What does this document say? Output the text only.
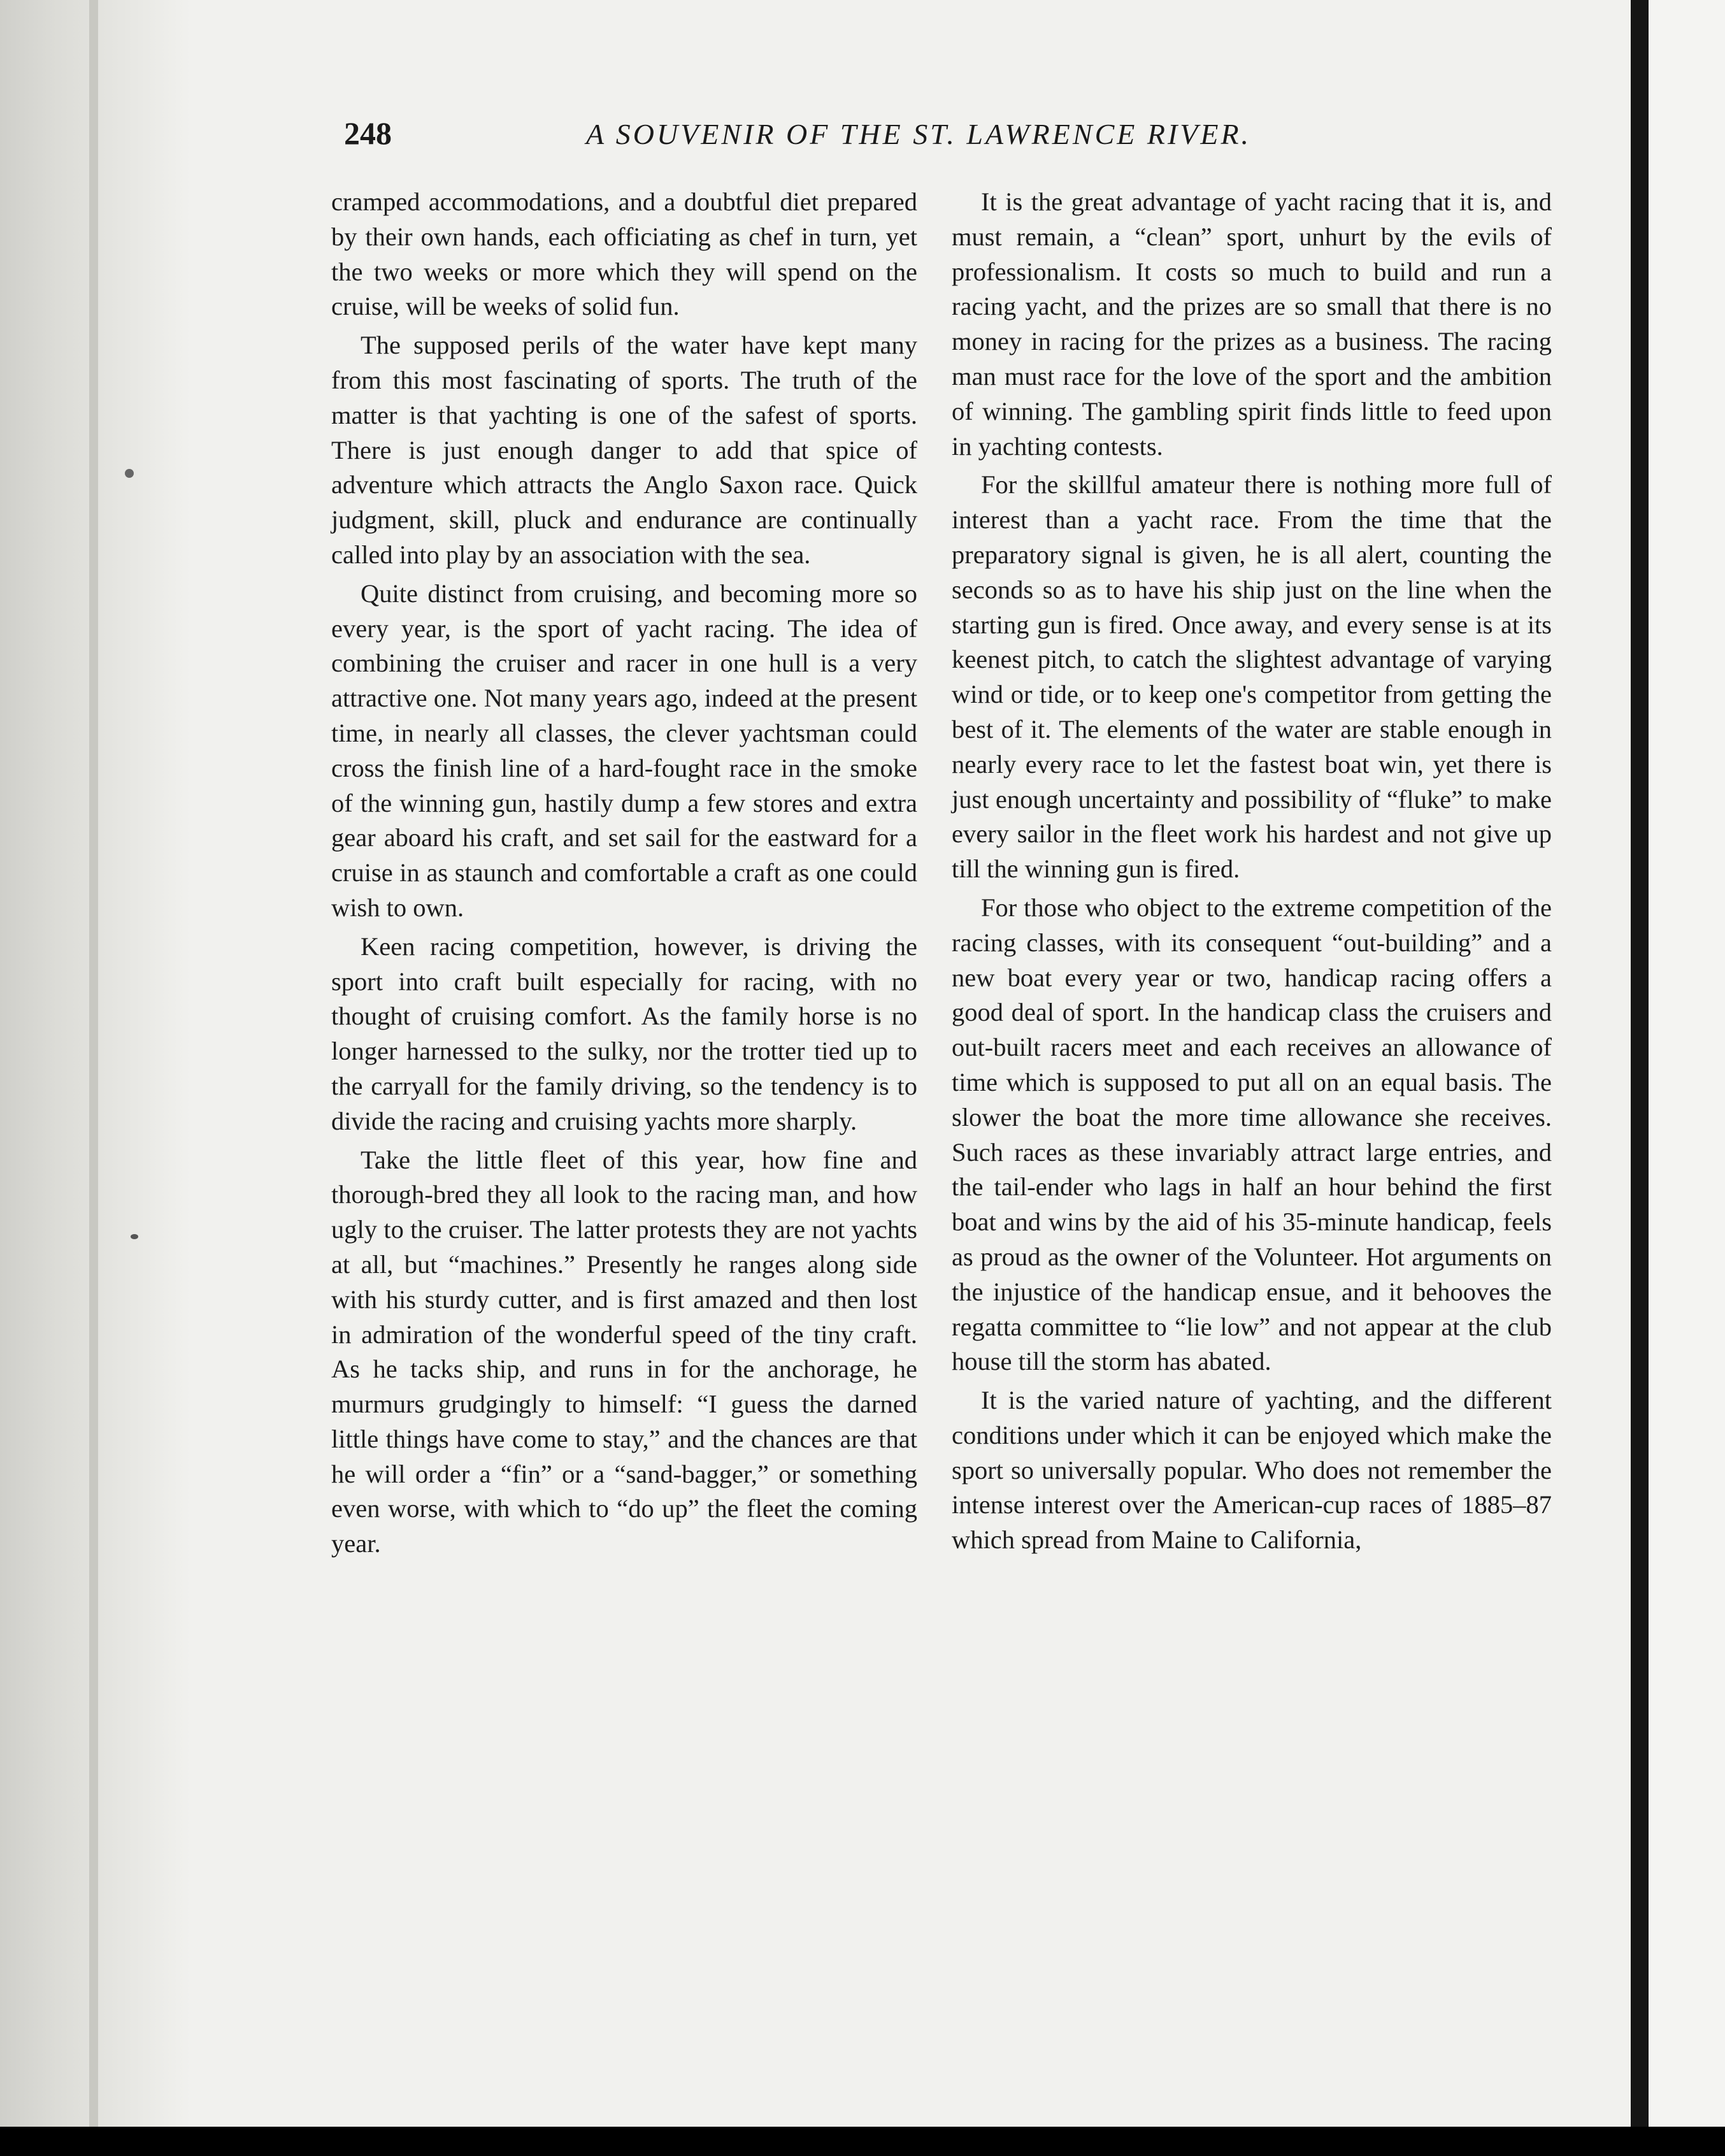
248	A SOUVENIR OF THE ST. LAWRENCE RIVER.

cramped accommodations, and a doubtful diet prepared by their own hands, each officiating as chef in turn, yet the two weeks or more which they will spend on the cruise, will be weeks of solid fun.

The supposed perils of the water have kept many from this most fascinating of sports. The truth of the matter is that yachting is one of the safest of sports. There is just enough danger to add that spice of adventure which attracts the Anglo Saxon race. Quick judgment, skill, pluck and endurance are continually called into play by an association with the sea.

Quite distinct from cruising, and becoming more so every year, is the sport of yacht racing. The idea of combining the cruiser and racer in one hull is a very attractive one. Not many years ago, indeed at the present time, in nearly all classes, the clever yachtsman could cross the finish line of a hard-fought race in the smoke of the winning gun, hastily dump a few stores and extra gear aboard his craft, and set sail for the eastward for a cruise in as staunch and comfortable a craft as one could wish to own.

Keen racing competition, however, is driving the sport into craft built especially for racing, with no thought of cruising comfort. As the family horse is no longer harnessed to the sulky, nor the trotter tied up to the carryall for the family driving, so the tendency is to divide the racing and cruising yachts more sharply.

Take the little fleet of this year, how fine and thorough-bred they all look to the racing man, and how ugly to the cruiser. The latter protests they are not yachts at all, but “machines.” Presently he ranges along side with his sturdy cutter, and is first amazed and then lost in admiration of the wonderful speed of the tiny craft. As he tacks ship, and runs in for the anchorage, he murmurs grudgingly to himself: “I guess the darned little things have come to stay,” and the chances are that he will order a “fin” or a “sand-bagger,” or something even worse, with which to “do up” the fleet the coming year.

It is the great advantage of yacht racing that it is, and must remain, a “clean” sport, unhurt by the evils of professionalism. It costs so much to build and run a racing yacht, and the prizes are so small that there is no money in racing for the prizes as a business. The racing man must race for the love of the sport and the ambition of winning. The gambling spirit finds little to feed upon in yachting contests.

For the skillful amateur there is nothing more full of interest than a yacht race. From the time that the preparatory signal is given, he is all alert, counting the seconds so as to have his ship just on the line when the starting gun is fired. Once away, and every sense is at its keenest pitch, to catch the slightest advantage of varying wind or tide, or to keep one's competitor from getting the best of it. The elements of the water are stable enough in nearly every race to let the fastest boat win, yet there is just enough uncertainty and possibility of “fluke” to make every sailor in the fleet work his hardest and not give up till the winning gun is fired.

For those who object to the extreme competition of the racing classes, with its consequent “out-building” and a new boat every year or two, handicap racing offers a good deal of sport. In the handicap class the cruisers and out-built racers meet and each receives an allowance of time which is supposed to put all on an equal basis. The slower the boat the more time allowance she receives. Such races as these invariably attract large entries, and the tail-ender who lags in half an hour behind the first boat and wins by the aid of his 35-minute handicap, feels as proud as the owner of the Volunteer. Hot arguments on the injustice of the handicap ensue, and it behooves the regatta committee to “lie low” and not appear at the club house till the storm has abated.

It is the varied nature of yachting, and the different conditions under which it can be enjoyed which make the sport so universally popular. Who does not remember the intense interest over the American-cup races of 1885–87 which spread from Maine to California,
